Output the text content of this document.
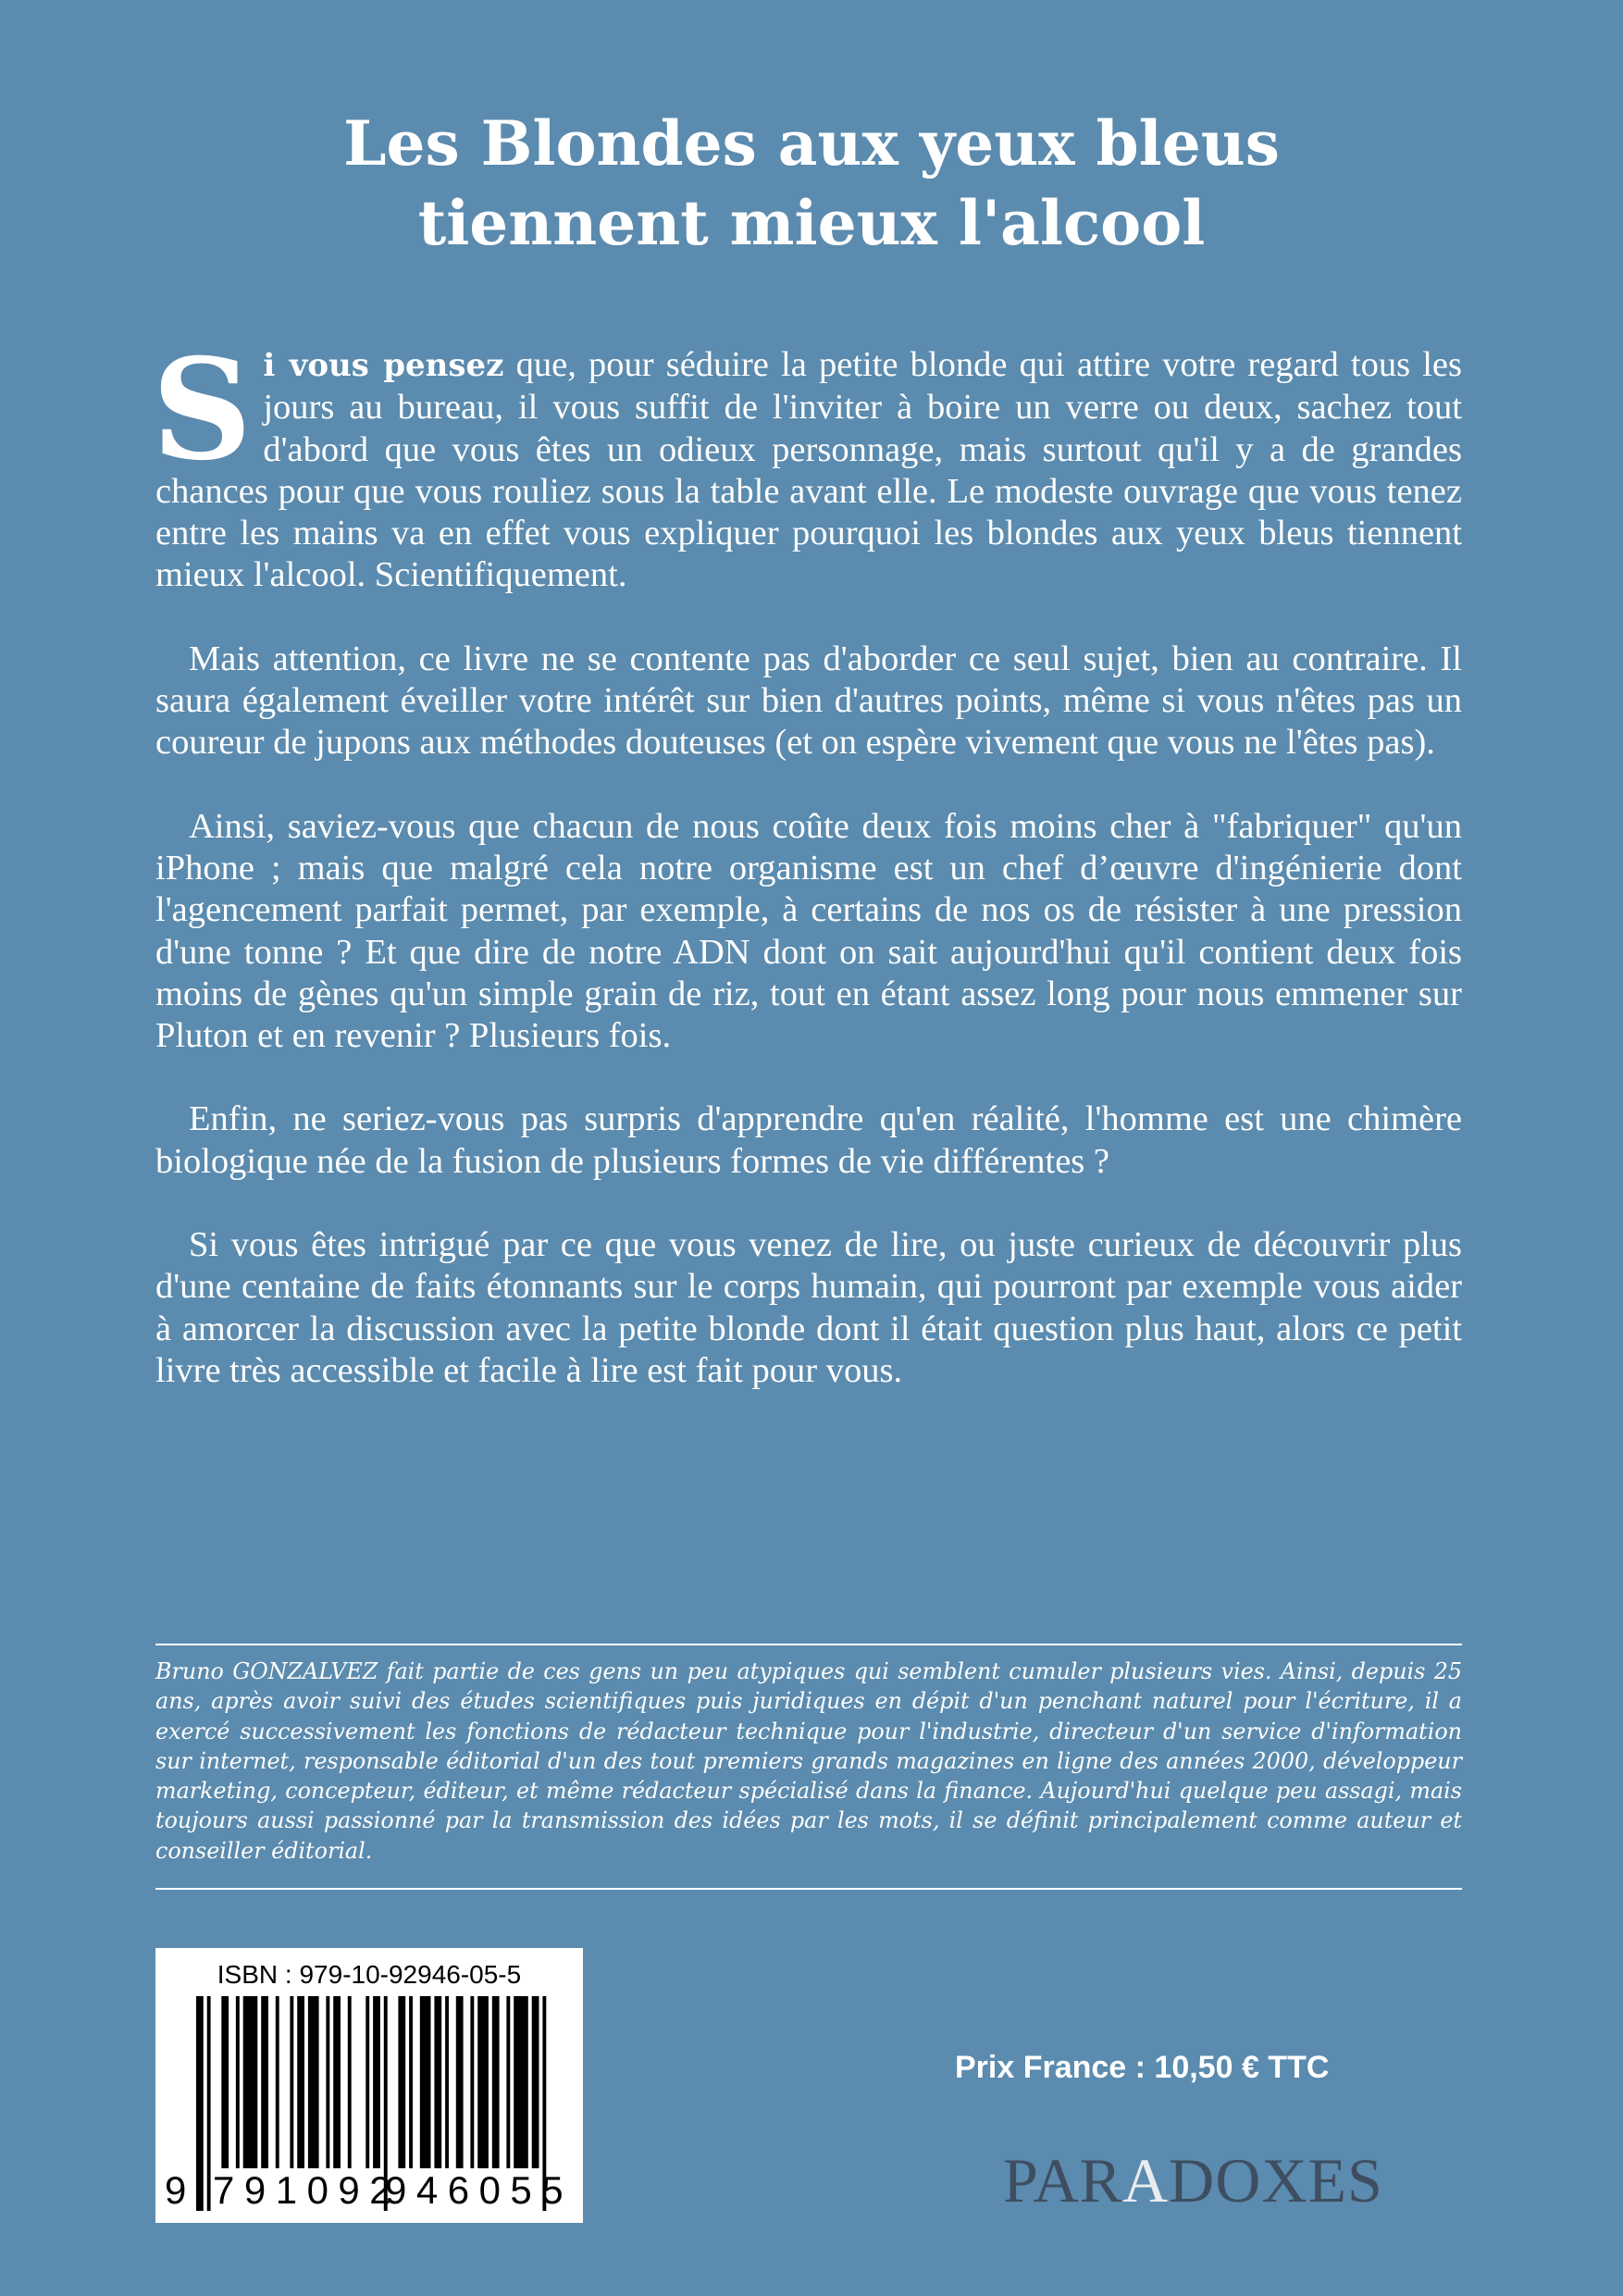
Les Blondes aux yeux bleus
tiennent mieux l'alcool

Si vous pensez que, pour séduire la petite blonde qui attire votre regard tous les jours au bureau, il vous suffit de l'inviter à boire un verre ou deux, sachez tout d'abord que vous êtes un odieux personnage, mais surtout qu'il y a de grandes chances pour que vous rouliez sous la table avant elle. Le modeste ouvrage que vous tenez entre les mains va en effet vous expliquer pourquoi les blondes aux yeux bleus tiennent mieux l'alcool. Scientifiquement.

Mais attention, ce livre ne se contente pas d'aborder ce seul sujet, bien au contraire. Il saura également éveiller votre intérêt sur bien d'autres points, même si vous n'êtes pas un coureur de jupons aux méthodes douteuses (et on espère vivement que vous ne l'êtes pas).

Ainsi, saviez-vous que chacun de nous coûte deux fois moins cher à "fabriquer" qu'un iPhone ; mais que malgré cela notre organisme est un chef d’œuvre d'ingénierie dont l'agencement parfait permet, par exemple, à certains de nos os de résister à une pression d'une tonne ? Et que dire de notre ADN dont on sait aujourd'hui qu'il contient deux fois moins de gènes qu'un simple grain de riz, tout en étant assez long pour nous emmener sur Pluton et en revenir ? Plusieurs fois.

Enfin, ne seriez-vous pas surpris d'apprendre qu'en réalité, l'homme est une chimère biologique née de la fusion de plusieurs formes de vie différentes ?

Si vous êtes intrigué par ce que vous venez de lire, ou juste curieux de découvrir plus d'une centaine de faits étonnants sur le corps humain, qui pourront par exemple vous aider à amorcer la discussion avec la petite blonde dont il était question plus haut, alors ce petit livre très accessible et facile à lire est fait pour vous.

Bruno GONZALVEZ fait partie de ces gens un peu atypiques qui semblent cumuler plusieurs vies. Ainsi, depuis 25 ans, après avoir suivi des études scientifiques puis juridiques en dépit d'un penchant naturel pour l'écriture, il a exercé successivement les fonctions de rédacteur technique pour l'industrie, directeur d'un service d'information sur internet, responsable éditorial d'un des tout premiers grands magazines en ligne des années 2000, développeur marketing, concepteur, éditeur, et même rédacteur spécialisé dans la finance. Aujourd'hui quelque peu assagi, mais toujours aussi passionné par la transmission des idées par les mots, il se définit principalement comme auteur et conseiller éditorial.

ISBN : 979-10-92946-05-5
9 791092
946055
Prix France : 10,50 € TTC
PARADOXES
